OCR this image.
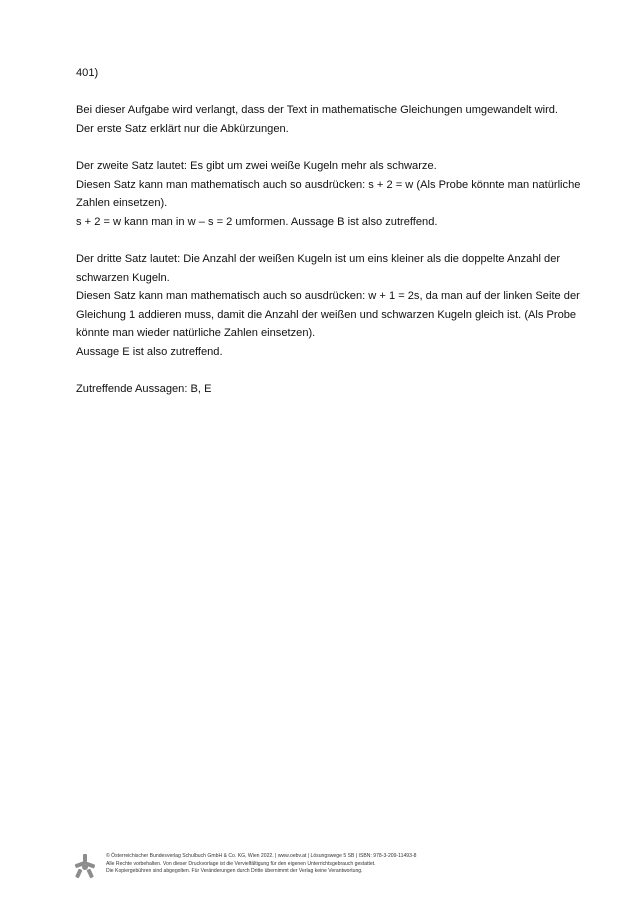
401)

Bei dieser Aufgabe wird verlangt, dass der Text in mathematische Gleichungen umgewandelt wird.

Der erste Satz erklärt nur die Abkürzungen.

Der zweite Satz lautet: Es gibt um zwei weiße Kugeln mehr als schwarze.

Diesen Satz kann man mathematisch auch so ausdrücken: s + 2 = w (Als Probe könnte man natürliche

Zahlen einsetzen).

s + 2 = w kann man in w – s = 2 umformen. Aussage B ist also zutreffend.

Der dritte Satz lautet: Die Anzahl der weißen Kugeln ist um eins kleiner als die doppelte Anzahl der

schwarzen Kugeln.

Diesen Satz kann man mathematisch auch so ausdrücken: w + 1 = 2s, da man auf der linken Seite der

Gleichung 1 addieren muss, damit die Anzahl der weißen und schwarzen Kugeln gleich ist. (Als Probe

könnte man wieder natürliche Zahlen einsetzen).

Aussage E ist also zutreffend.

Zutreffende Aussagen: B, E

© Österreichischer Bundesverlag Schulbuch GmbH & Co. KG, Wien 2022. | www.oebv.at | Lösungswege 5 SB | ISBN: 978-3-209-11493-8
Alle Rechte vorbehalten. Von dieser Druckvorlage ist die Vervielfältigung für den eigenen Unterrichtsgebrauch gestattet.
Die Kopiergebühren sind abgegolten. Für Veränderungen durch Dritte übernimmt der Verlag keine Verantwortung.
